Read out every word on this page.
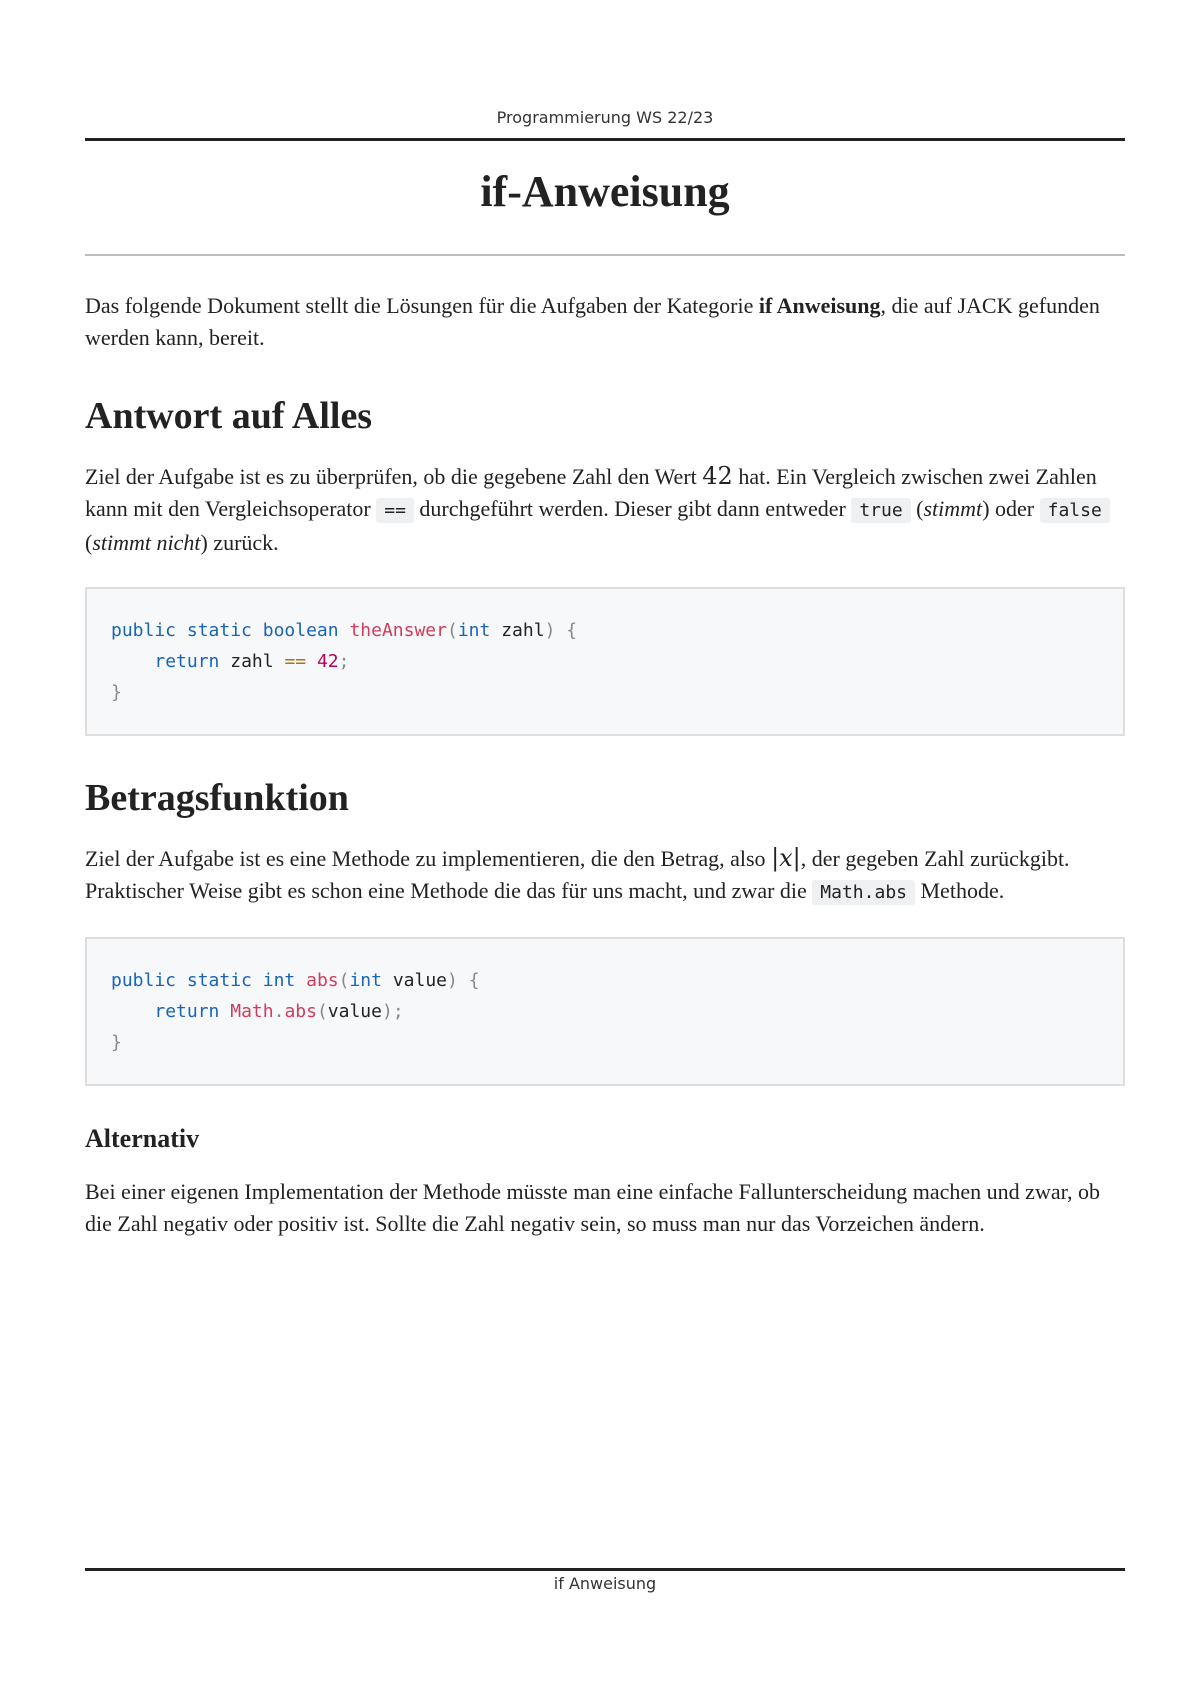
Programmierung WS 22/23
if-Anweisung

Das folgende Dokument stellt die Lösungen für die Aufgaben der Kategorie if Anweisung, die auf JACK gefunden werden kann, bereit.

Antwort auf Alles

Ziel der Aufgabe ist es zu überprüfen, ob die gegebene Zahl den Wert 42 hat. Ein Vergleich zwischen zwei Zahlen kann mit den Vergleichsoperator == durchgeführt werden. Dieser gibt dann entweder true (stimmt) oder false (stimmt nicht) zurück.

public static boolean theAnswer(int zahl) {
return zahl == 42;
}
Betragsfunktion

Ziel der Aufgabe ist es eine Methode zu implementieren, die den Betrag, also |x|, der gegeben Zahl zurückgibt. Praktischer Weise gibt es schon eine Methode die das für uns macht, und zwar die Math.abs Methode.

public static int abs(int value) {
return Math.abs(value);
}
Alternativ

Bei einer eigenen Implementation der Methode müsste man eine einfache Fallunterscheidung machen und zwar, ob die Zahl negativ oder positiv ist. Sollte die Zahl negativ sein, so muss man nur das Vorzeichen ändern.

if Anweisung
